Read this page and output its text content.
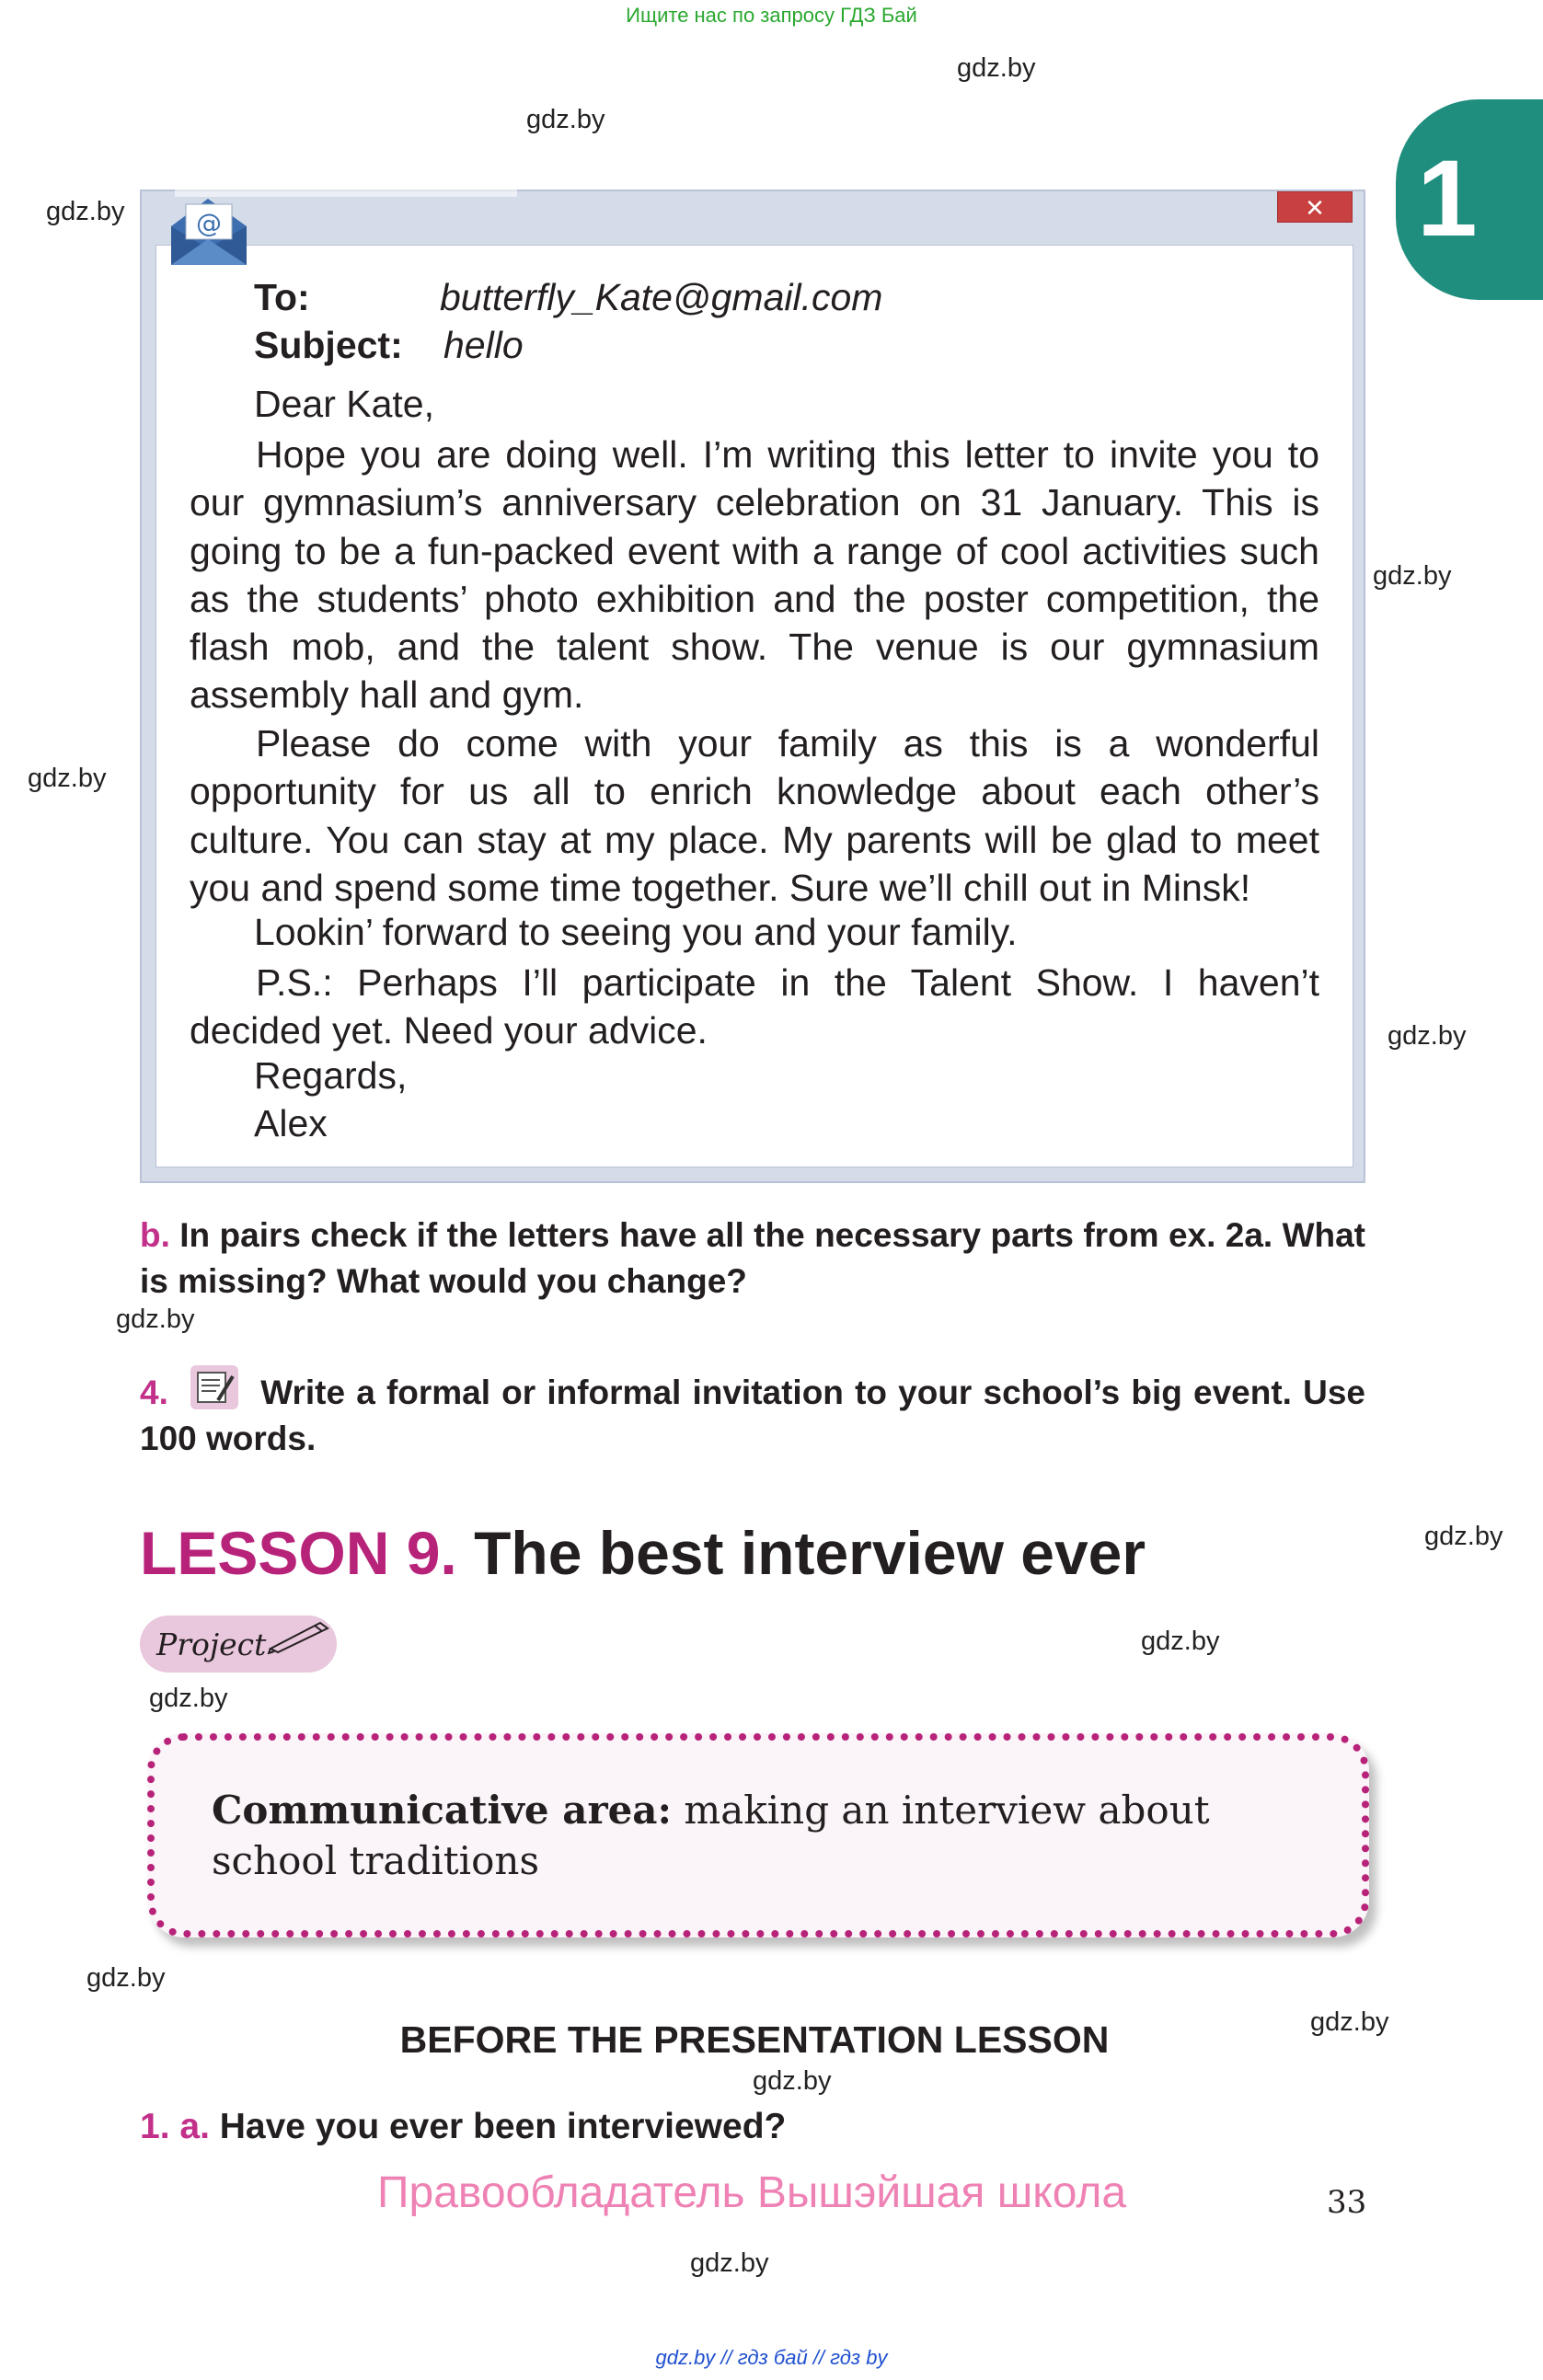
Ищите нас по запросу ГДЗ Бай
gdz.by
gdz.by
gdz.by
gdz.by
gdz.by
gdz.by
gdz.by
gdz.by
gdz.by
gdz.by
gdz.by
gdz.by
gdz.by
gdz.by
1
✕
@
To:	butterfly_Kate@gmail.com
Subject: hello
Dear Kate,
Hope you are doing well. I’m writing this letter to invite you to our gymnasium’s anniversary celebration on 31 January. This is going to be a fun-packed event with a range of cool activities such as the students’ photo exhibition and the poster competition, the flash mob, and the talent show. The venue is our gymnasium assembly hall and gym.
Please do come with your family as this is a wonderful opportunity for us all to enrich knowledge about each other’s culture. You can stay at my place. My parents will be glad to meet you and spend some time together. Sure we’ll chill out in Minsk!
Lookin’ forward to seeing you and your family.
P.S.: Perhaps I’ll participate in the Talent Show. I haven’t decided yet. Need your advice.
Regards,
Alex
b. In pairs check if the letters have all the necessary parts from ex. 2a. What is missing? What would you change?
4.	Write a formal or informal invitation to your school’s big event. Use 100 words.
LESSON 9. The best interview ever
Project
Communicative area: making an interview about school traditions
BEFORE THE PRESENTATION LESSON
1. a. Have you ever been interviewed?
Правообладатель Вышэйшая школа	33
gdz.by // гдз бай // гдз by
